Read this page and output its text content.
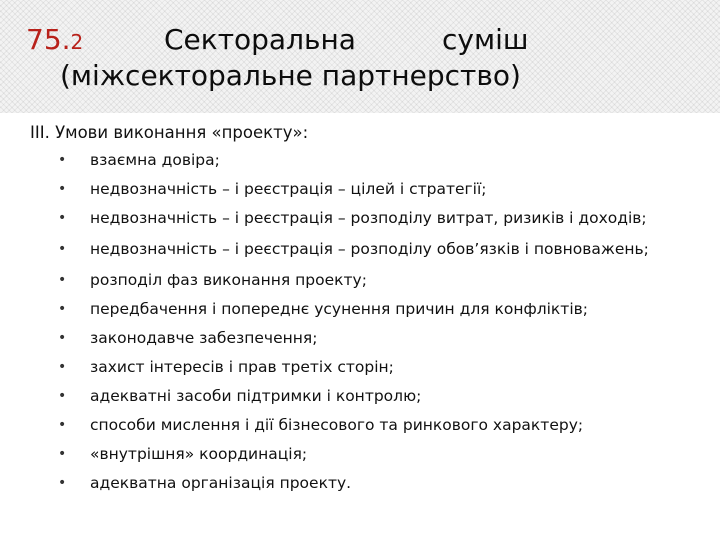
75.2	Секторальна	суміш
(міжсекторальне партнерство)
ІІІ. Умови виконання «проекту»:
• взаємна довіра;
• недвозначність – і реєстрація – цілей і стратегії;
• недвозначність – і реєстрація – розподілу витрат, ризиків і доходів;
• недвозначність – і реєстрація – розподілу обов’язків і повноважень;
• розподіл фаз виконання проекту;
• передбачення і попереднє усунення причин для конфліктів;
• законодавче забезпечення;
• захист інтересів і прав третіх сторін;
• адекватні засоби підтримки і контролю;
• способи мислення і дії бізнесового та ринкового характеру;
• «внутрішня» координація;
• адекватна організація проекту.
